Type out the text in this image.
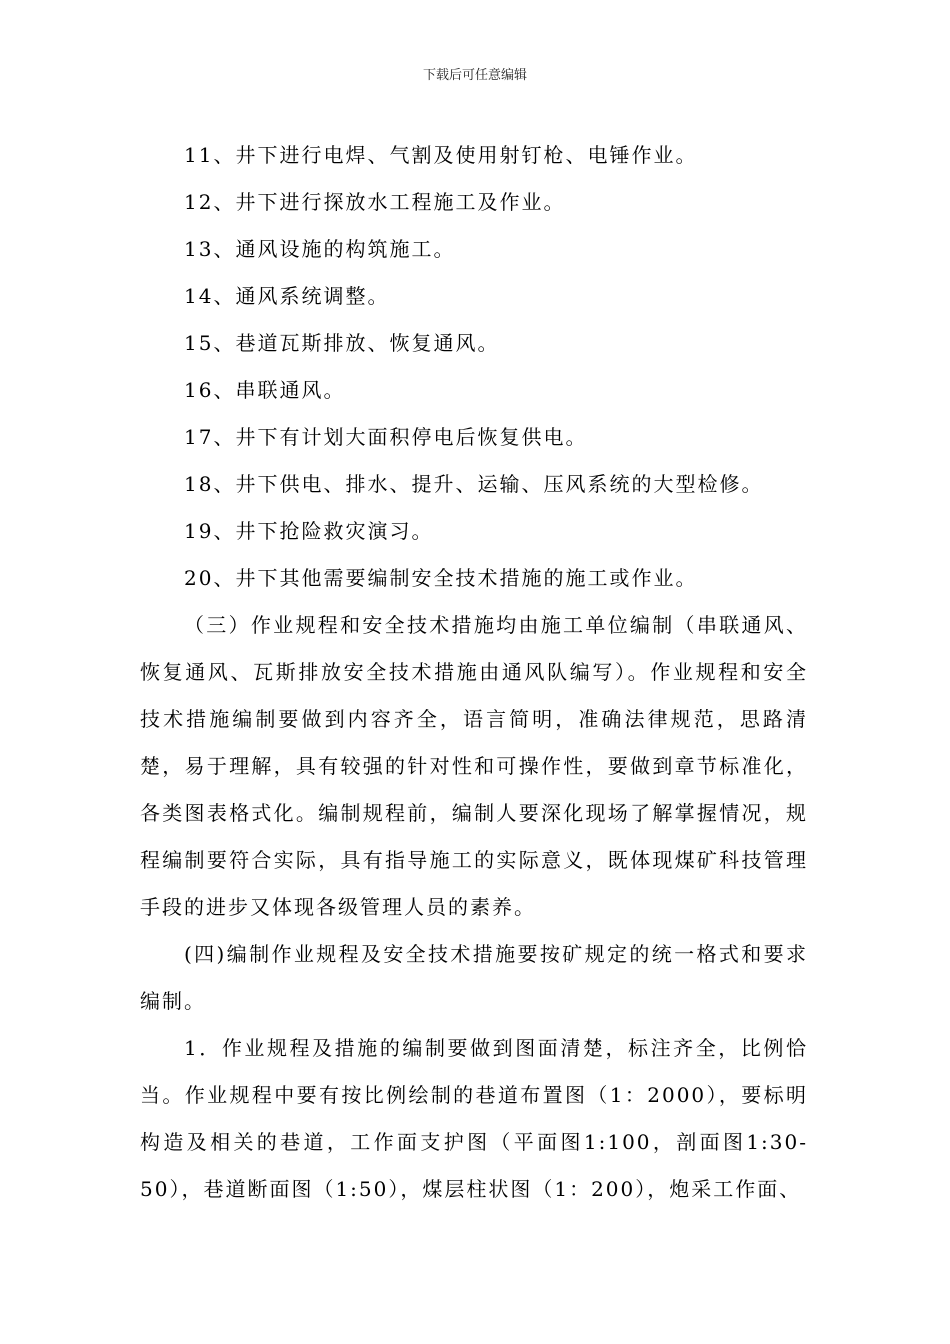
下载后可任意编辑
11、井下进行电焊、气割及使用射钉枪、电锤作业。
12、井下进行探放水工程施工及作业。
13、通风设施的构筑施工。
14、通风系统调整。
15、巷道瓦斯排放、恢复通风。
16、串联通风。
17、井下有计划大面积停电后恢复供电。
18、井下供电、排水、提升、运输、压风系统的大型检修。
19、井下抢险救灾演习。
20、井下其他需要编制安全技术措施的施工或作业。
（三）作业规程和安全技术措施均由施工单位编制（串联通风、恢复通风、瓦斯排放安全技术措施由通风队编写）。作业规程和安全技术措施编制要做到内容齐全，语言简明，准确法律规范，思路清楚，易于理解，具有较强的针对性和可操作性，要做到章节标准化，各类图表格式化。编制规程前，编制人要深化现场了解掌握情况，规程编制要符合实际，具有指导施工的实际意义，既体现煤矿科技管理手段的进步又体现各级管理人员的素养。
(四)编制作业规程及安全技术措施要按矿规定的统一格式和要求编制。
1．作业规程及措施的编制要做到图面清楚，标注齐全，比例恰当。作业规程中要有按比例绘制的巷道布置图（1：2000），要标明构造及相关的巷道，工作面支护图（平面图1:100，剖面图1:30-50），巷道断面图（1:50），煤层柱状图（1：200），炮采工作面、
